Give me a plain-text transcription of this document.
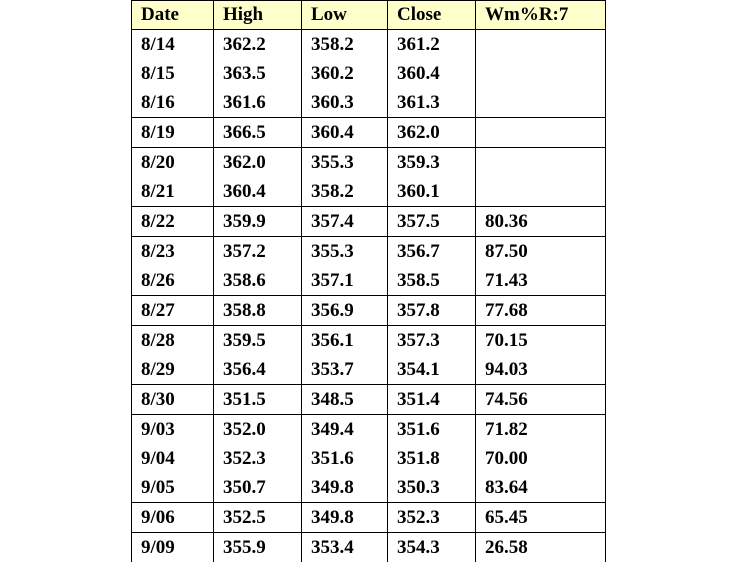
Date	High	Low	Close	Wm%R:7
8/14	362.2	358.2	361.2	
8/15	363.5	360.2	360.4	
8/16	361.6	360.3	361.3	
8/19	366.5	360.4	362.0	
8/20	362.0	355.3	359.3	
8/21	360.4	358.2	360.1	
8/22	359.9	357.4	357.5	80.36
8/23	357.2	355.3	356.7	87.50
8/26	358.6	357.1	358.5	71.43
8/27	358.8	356.9	357.8	77.68
8/28	359.5	356.1	357.3	70.15
8/29	356.4	353.7	354.1	94.03
8/30	351.5	348.5	351.4	74.56
9/03	352.0	349.4	351.6	71.82
9/04	352.3	351.6	351.8	70.00
9/05	350.7	349.8	350.3	83.64
9/06	352.5	349.8	352.3	65.45
9/09	355.9	353.4	354.3	26.58
